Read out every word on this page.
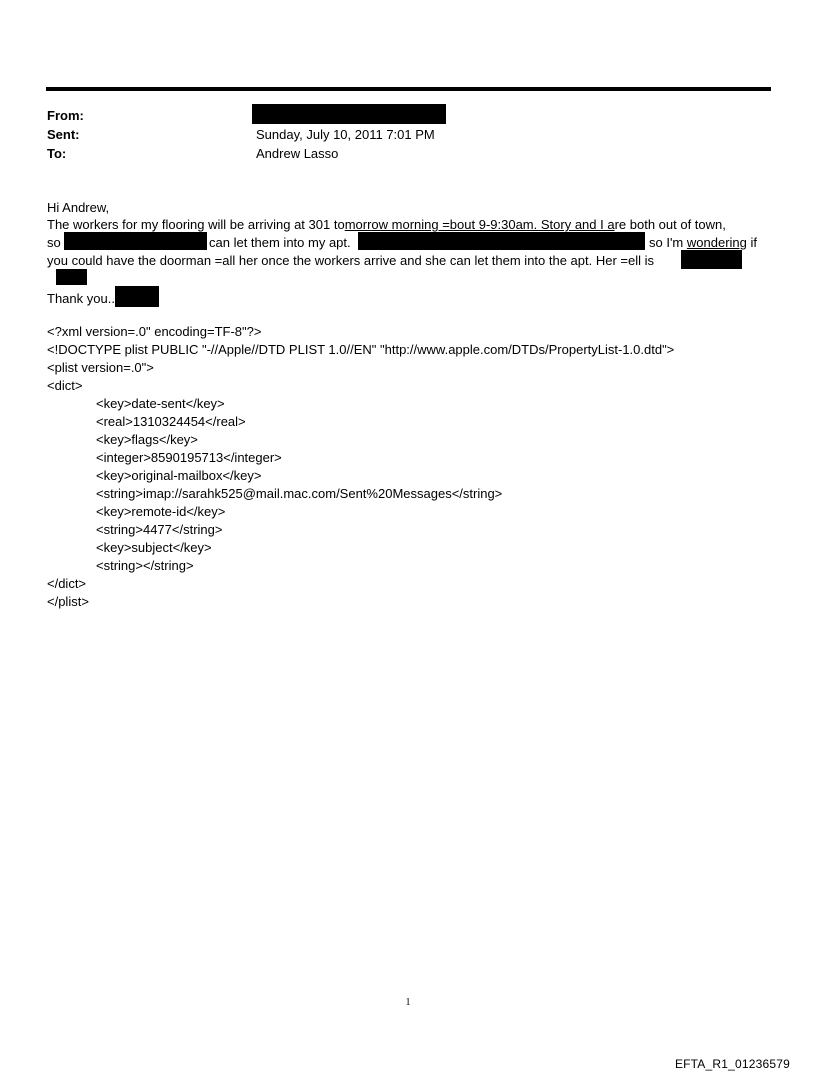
From:
Sent:	Sunday, July 10, 2011 7:01 PM
To:	Andrew Lasso
Hi Andrew,
The workers for my flooring will be arriving at 301 tomorrow morning =bout 9-9:30am. Story and I are both out of town,
so	can let them into my apt.	so I'm wondering if
you could have the doorman =all her once the workers arrive and she can let them into the apt. Her =ell is
Thank you..
<?xml version=.0" encoding=TF-8"?>
<!DOCTYPE plist PUBLIC "-//Apple//DTD PLIST 1.0//EN" "http://www.apple.com/DTDs/PropertyList-1.0.dtd">
<plist version=.0">
<dict>
<key>date-sent</key>
<real>1310324454</real>
<key>flags</key>
<integer>8590195713</integer>
<key>original-mailbox</key>
<string>imap://sarahk525@mail.mac.com/Sent%20Messages</string>
<key>remote-id</key>
<string>4477</string>
<key>subject</key>
<string></string>
</dict>
</plist>
1
EFTA_R1_01236579
